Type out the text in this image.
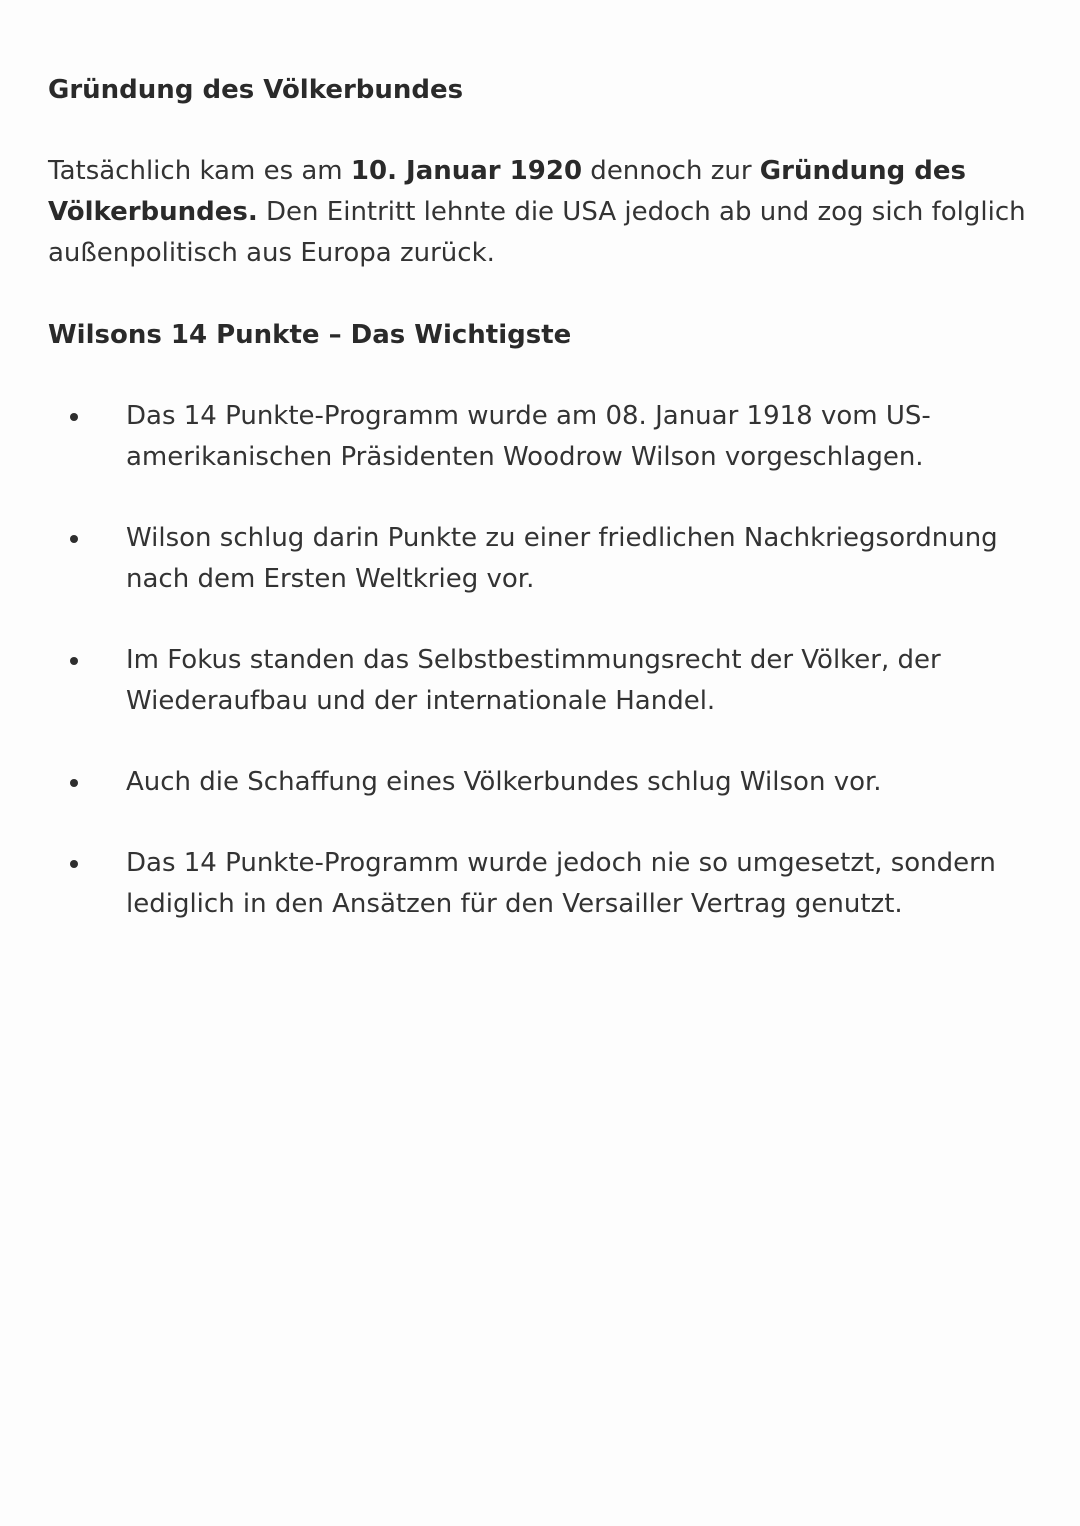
Gründung des Völkerbundes

Tatsächlich kam es am 10. Januar 1920 dennoch zur Gründung des Völkerbundes. Den Eintritt lehnte die USA jedoch ab und zog sich folglich außenpolitisch aus Europa zurück.

Wilsons 14 Punkte – Das Wichtigste
Das 14 Punkte-Programm wurde am 08. Januar 1918 vom US-amerikanischen Präsidenten Woodrow Wilson vorgeschlagen.
Wilson schlug darin Punkte zu einer friedlichen Nachkriegsordnung nach dem Ersten Weltkrieg vor.
Im Fokus standen das Selbstbestimmungsrecht der Völker, der Wiederaufbau und der internationale Handel.
Auch die Schaffung eines Völkerbundes schlug Wilson vor.
Das 14 Punkte-Programm wurde jedoch nie so umgesetzt, sondern lediglich in den Ansätzen für den Versailler Vertrag genutzt.
